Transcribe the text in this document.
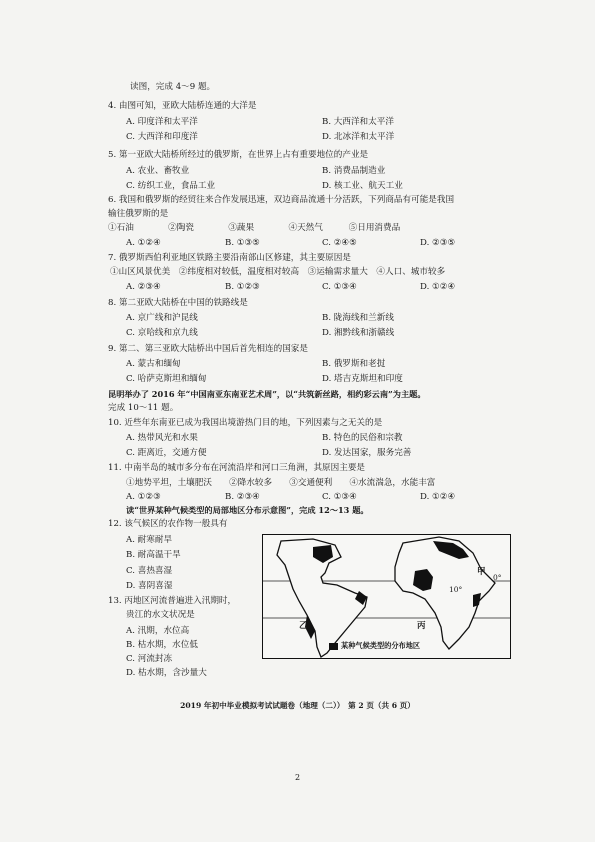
读图，完成 4～9 题。
4. 由图可知，亚欧大陆桥连通的大洋是
A. 印度洋和太平洋	B. 大西洋和太平洋
C. 大西洋和印度洋	D. 北冰洋和太平洋
5. 第一亚欧大陆桥所经过的俄罗斯，在世界上占有重要地位的产业是
A. 农业、畜牧业	B. 消费品制造业
C. 纺织工业，食品工业	D. 核工业、航天工业
6. 我国和俄罗斯的经贸往来合作发展迅速，双边商品流通十分活跃，下列商品有可能是我国
输往俄罗斯的是
①石油　　　　②陶瓷　　　　③蔬果　　　　④天然气　　　⑤日用消费品
A. ①②④	B. ①③⑤	C. ②④⑤	D. ②③⑤
7. 俄罗斯西伯利亚地区铁路主要沿南部山区修建，其主要原因是
①山区风景优美　②纬度相对较低，温度相对较高　③运输需求量大　④人口、城市较多
A. ②③④	B. ①②③	C. ①③④	D. ①②④
8. 第二亚欧大陆桥在中国的铁路线是
A. 京广线和沪昆线	B. 陇海线和兰新线
C. 京哈线和京九线	D. 湘黔线和浙赣线
9. 第二、第三亚欧大陆桥出中国后首先相连的国家是
A. 蒙古和缅甸	B. 俄罗斯和老挝
C. 哈萨克斯坦和缅甸	D. 塔吉克斯坦和印度
昆明举办了 2016 年“中国南亚东南亚艺术周”，以“共筑新丝路，相约彩云南”为主题。
完成 10～11 题。
10. 近些年东南亚已成为我国出境游热门目的地，下列因素与之无关的是
A. 热带风光和水果	B. 特色的民俗和宗教
C. 距离近，交通方便	D. 发达国家，服务完善
11. 中南半岛的城市多分布在河流沿岸和河口三角洲，其原因主要是
①地势平坦，土壤肥沃　　②降水较多　　③交通便利　　④水流湍急，水能丰富
A. ①②③	B. ②③④	C. ①③④	D. ①②④
读“世界某种气候类型的局部地区分布示意图”，完成 12～13 题。
12. 该气候区的农作物一般具有
A. 耐寒耐旱
B. 耐高温干旱
C. 喜热喜湿
D. 喜阴喜湿
13. 丙地区河流普遍进入汛期时，
贵江的水文状况是
A. 汛期，水位高
B. 枯水期，水位低
C. 河流封冻
D. 枯水期，含沙量大
0°
10°
甲
乙	丙
某种气候类型的分布地区
2019 年初中毕业模拟考试试题卷（地理（二））　第 2 页（共 6 页）
2
